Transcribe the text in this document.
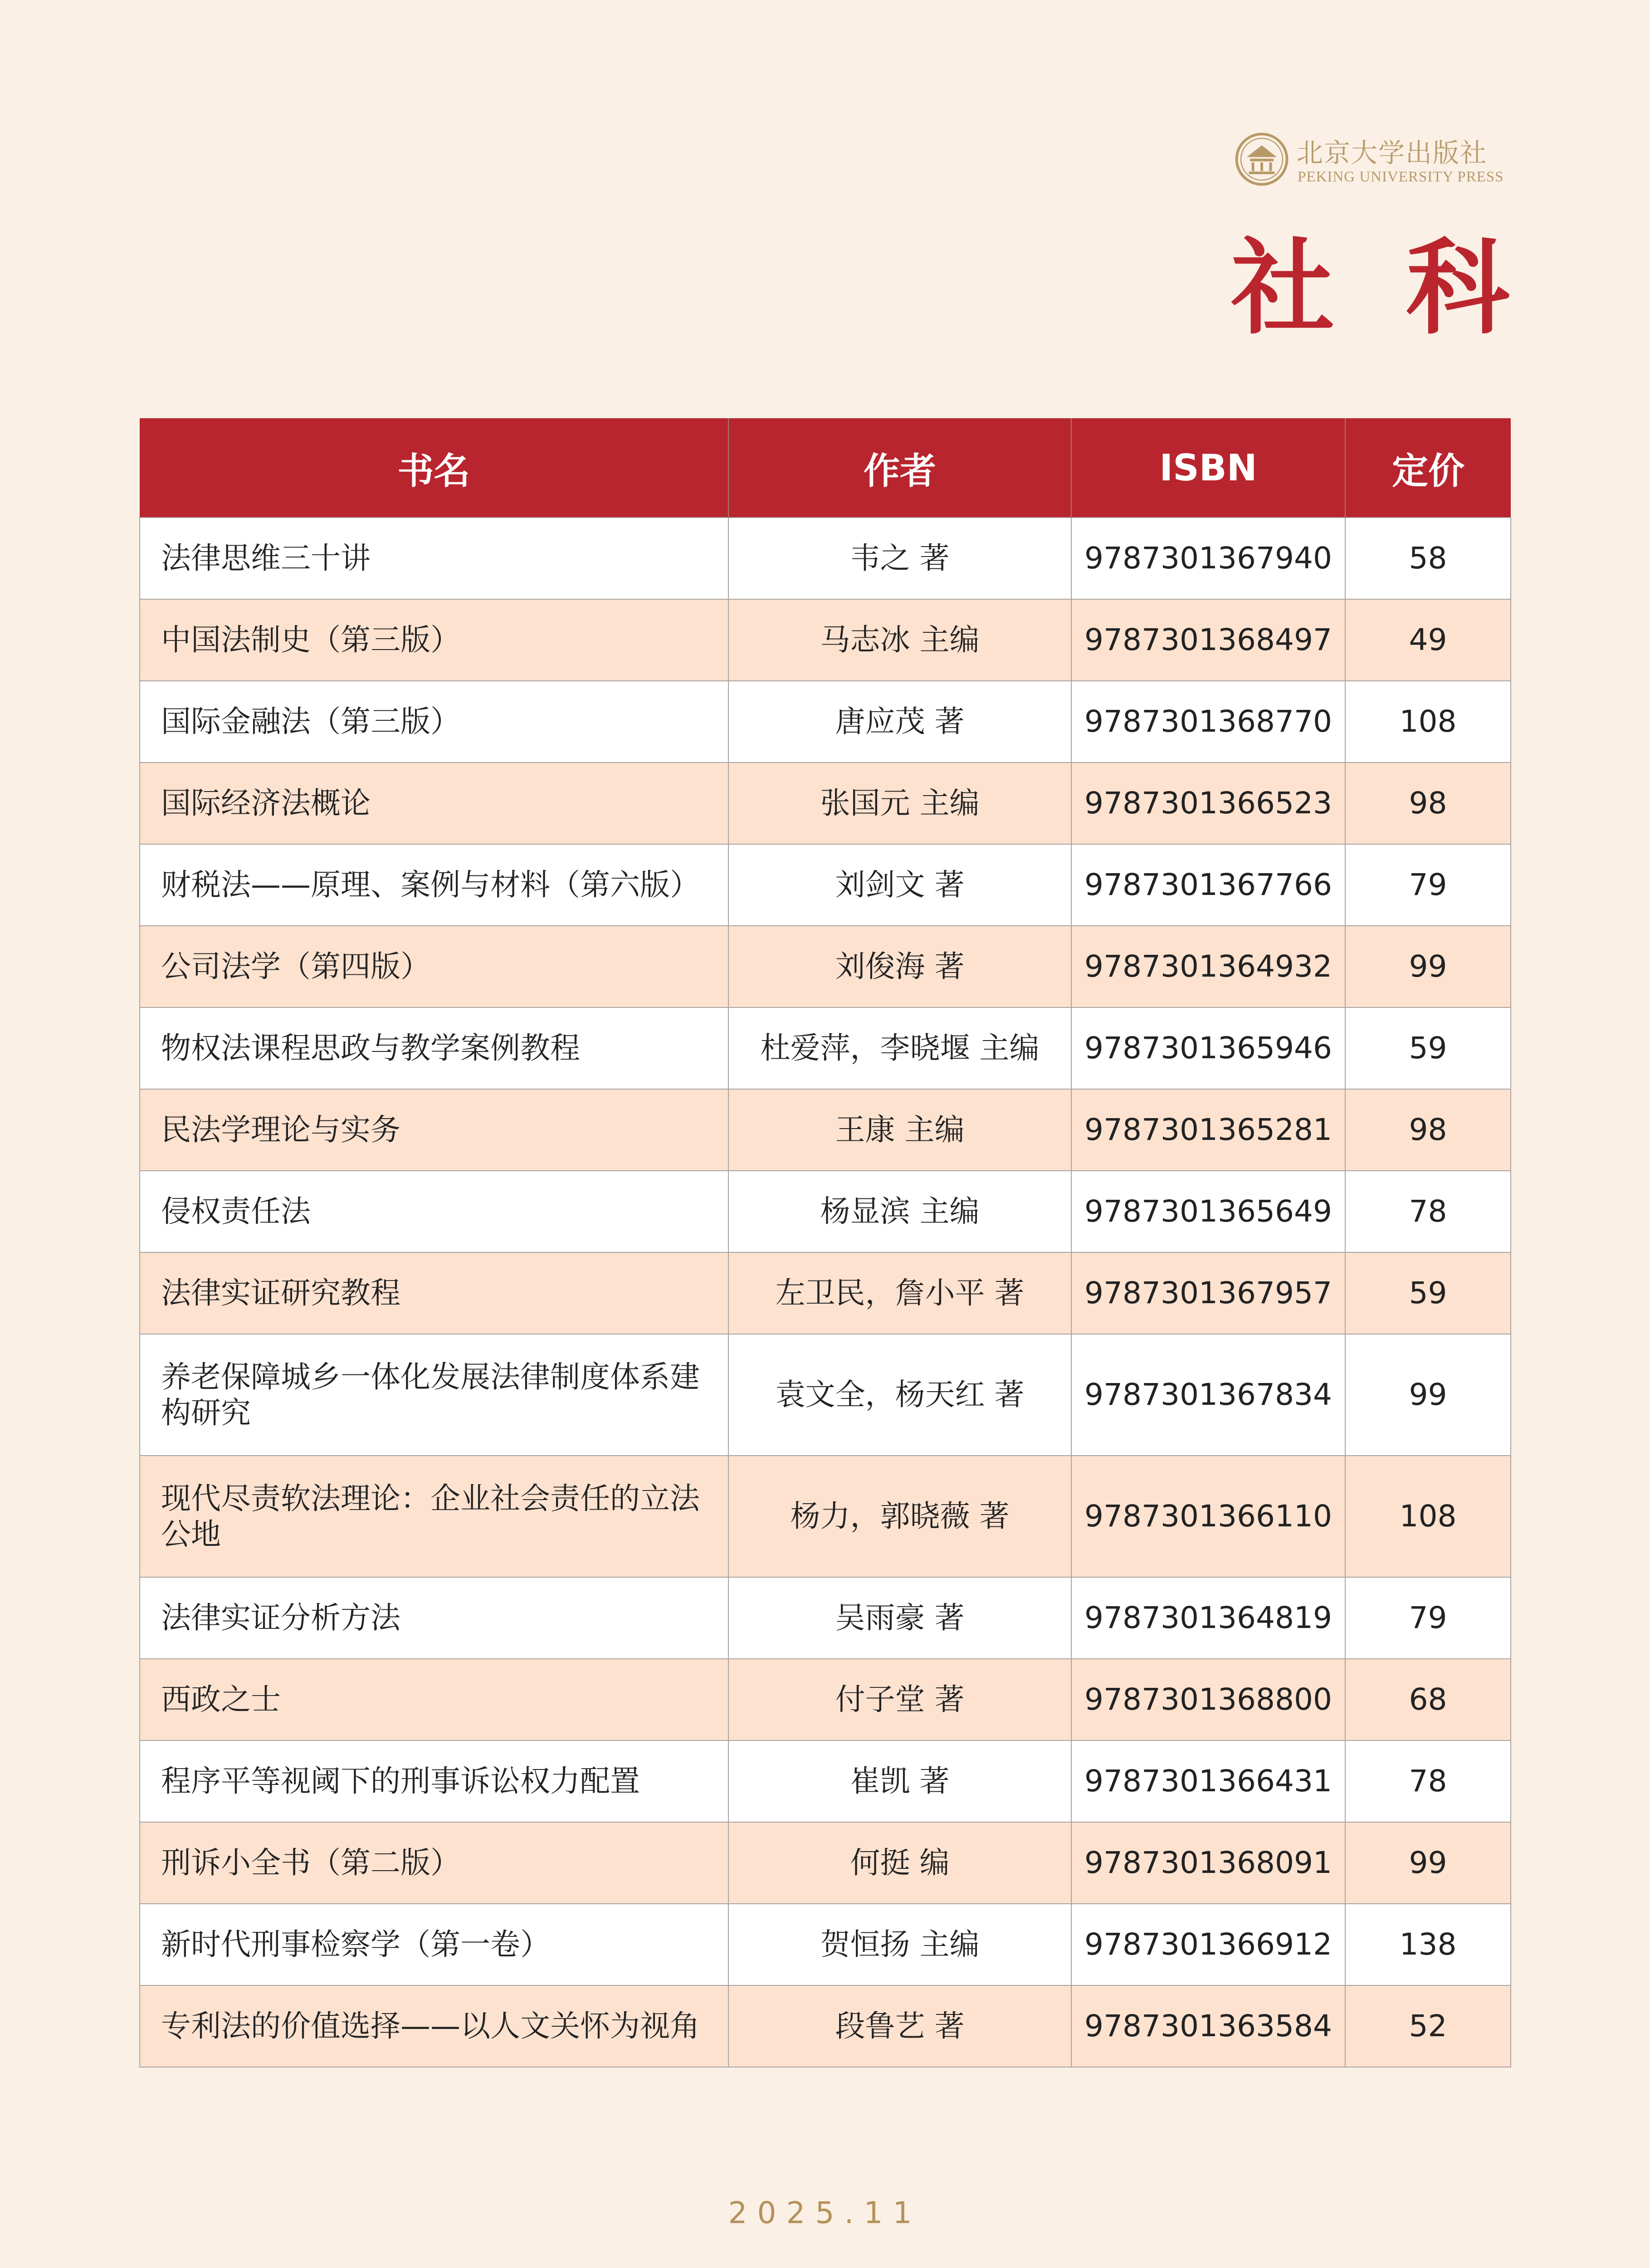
北京大学出版社
PEKING UNIVERSITY PRESS
社科
书名	作者	ISBN	定价
法律思维三十讲	韦之 著	9787301367940	58
中国法制史（第三版）	马志冰 主编	9787301368497	49
国际金融法（第三版）	唐应茂 著	9787301368770	108
国际经济法概论	张国元 主编	9787301366523	98
财税法——原理、案例与材料（第六版）	刘剑文 著	9787301367766	79
公司法学（第四版）	刘俊海 著	9787301364932	99
物权法课程思政与教学案例教程	杜爱萍，李晓堰 主编	9787301365946	59
民法学理论与实务	王康 主编	9787301365281	98
侵权责任法	杨显滨 主编	9787301365649	78
法律实证研究教程	左卫民，詹小平 著	9787301367957	59
养老保障城乡一体化发展法律制度体系建构研究	袁文全，杨天红 著	9787301367834	99
现代尽责软法理论：企业社会责任的立法公地	杨力，郭晓薇 著	9787301366110	108
法律实证分析方法	吴雨豪 著	9787301364819	79
西政之士	付子堂 著	9787301368800	68
程序平等视阈下的刑事诉讼权力配置	崔凯 著	9787301366431	78
刑诉小全书（第二版）	何挺 编	9787301368091	99
新时代刑事检察学（第一卷）	贺恒扬 主编	9787301366912	138
专利法的价值选择——以人文关怀为视角	段鲁艺 著	9787301363584	52
2025.11
